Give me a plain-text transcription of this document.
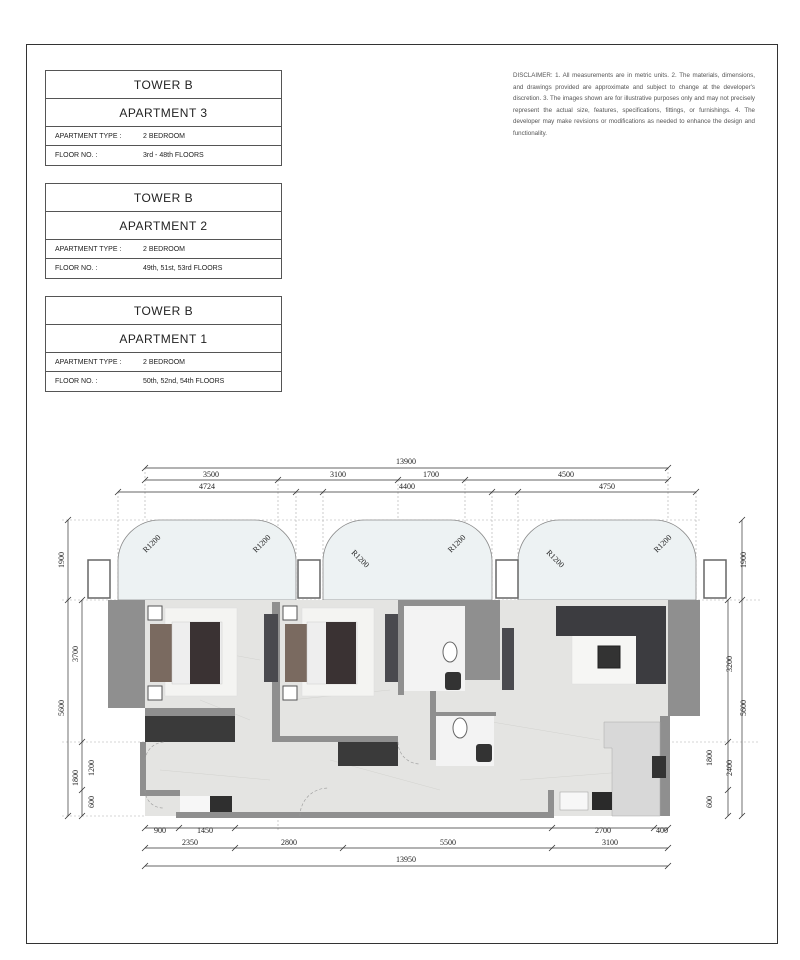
TOWER B
APARTMENT 3
APARTMENT TYPE :	2 BEDROOM
FLOOR NO. :	3rd - 48th FLOORS
TOWER B
APARTMENT 2
APARTMENT TYPE :	2 BEDROOM
FLOOR NO. :	49th, 51st, 53rd FLOORS
TOWER B
APARTMENT 1
APARTMENT TYPE :	2 BEDROOM
FLOOR NO. :	50th, 52nd, 54th FLOORS
DISCLAIMER: 1. All measurements are in metric units. 2. The materials, dimensions, and drawings provided are approximate and subject to change at the developer's discretion. 3. The images shown are for illustrative purposes only and may not precisely represent the actual size, features, specifications, fittings, or furnishings. 4. The developer may make revisions or modifications as needed to enhance the design and functionality.
13900
3500	3100	1700	4500
4724	4400	4750
R1200	R1200
R1200
R1200
R1200
R1200
1900
3700
5600
1200
1800
600
1900
3200
5600
1800
2400
600
900	1450	2700	400
2350	2800	5500	3100
13950
